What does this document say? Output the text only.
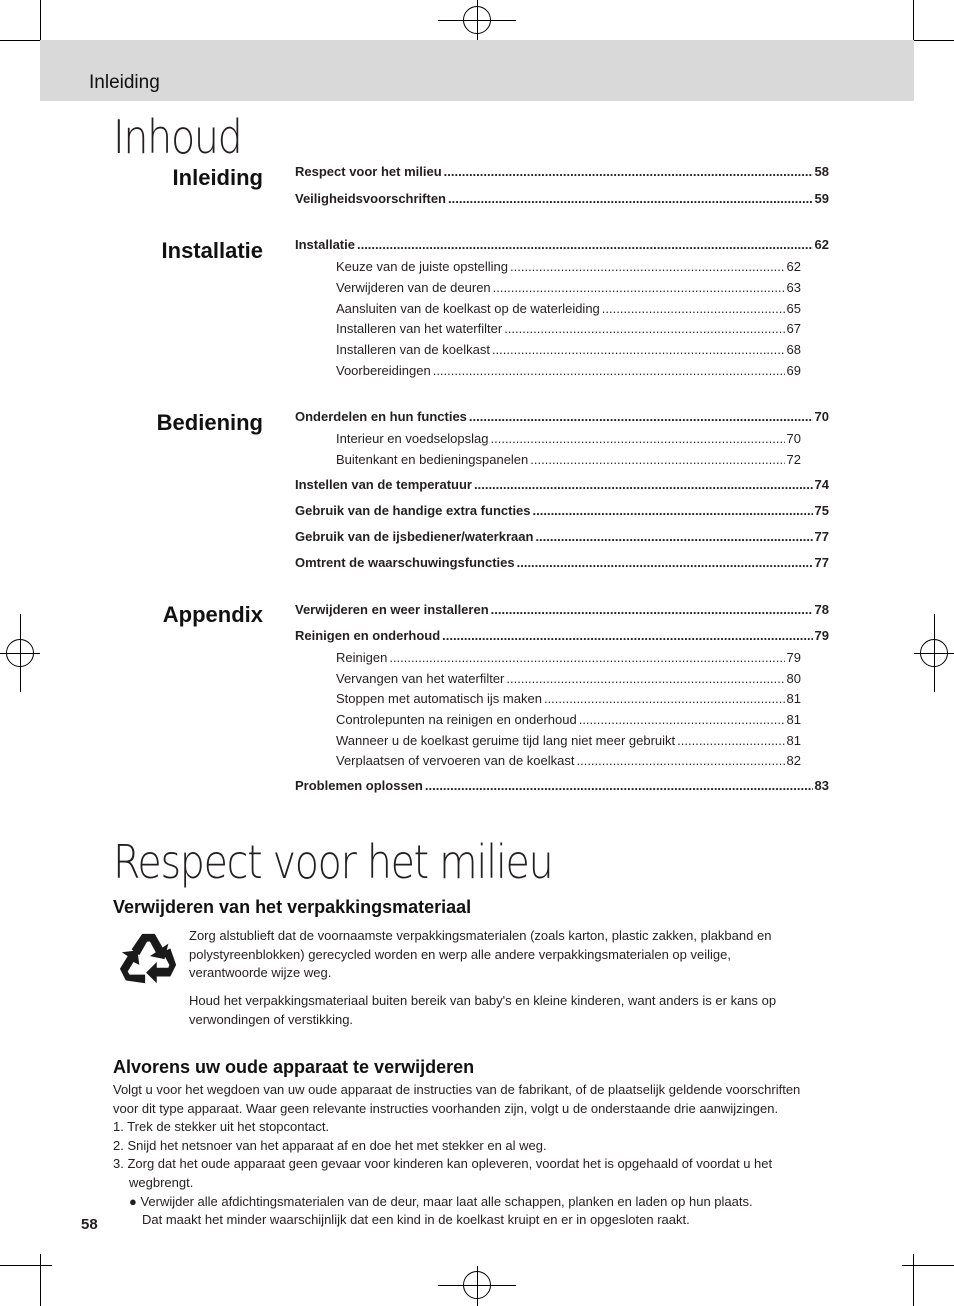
Inleiding
Inhoud
Inleiding
Installatie
Bediening
Appendix
Respect voor het milieu .....	58
Veiligheidsvoorschriften .....	59
Installatie .....	62
Keuze van de juiste opstelling .....	62
Verwijderen van de deuren .....	63
Aansluiten van de koelkast op de waterleiding .....	65
Installeren van het waterfilter .....	67
Installeren van de koelkast .....	68
Voorbereidingen .....	69
Onderdelen en hun functies .....	70
Interieur en voedselopslag .....	70
Buitenkant en bedieningspanelen .....	72
Instellen van de temperatuur .....	74
Gebruik van de handige extra functies .....	75
Gebruik van de ijsbediener/waterkraan .....	77
Omtrent de waarschuwingsfuncties .....	77
Verwijderen en weer installeren .....	78
Reinigen en onderhoud .....	79
Reinigen .....	79
Vervangen van het waterfilter .....	80
Stoppen met automatisch ijs maken .....	81
Controlepunten na reinigen en onderhoud .....	81
Wanneer u de koelkast geruime tijd lang niet meer gebruikt .....	81
Verplaatsen of vervoeren van de koelkast .....	82
Problemen oplossen .....	83
Respect voor het milieu
Verwijderen van het verpakkingsmateriaal
Zorg alstublieft dat de voornaamste verpakkingsmaterialen (zoals karton, plastic zakken, plakband en
polystyreenblokken) gerecycled worden en werp alle andere verpakkingsmaterialen op veilige,
verantwoorde wijze weg.
Houd het verpakkingsmateriaal buiten bereik van baby's en kleine kinderen, want anders is er kans op
verwondingen of verstikking.
Alvorens uw oude apparaat te verwijderen
Volgt u voor het wegdoen van uw oude apparaat de instructies van de fabrikant, of de plaatselijk geldende voorschriften
voor dit type apparaat. Waar geen relevante instructies voorhanden zijn, volgt u de onderstaande drie aanwijzingen.
1. Trek de stekker uit het stopcontact.
2. Snijd het netsnoer van het apparaat af en doe het met stekker en al weg.
3. Zorg dat het oude apparaat geen gevaar voor kinderen kan opleveren, voordat het is opgehaald of voordat u het
wegbrengt.
● Verwijder alle afdichtingsmaterialen van de deur, maar laat alle schappen, planken en laden op hun plaats.
Dat maakt het minder waarschijnlijk dat een kind in de koelkast kruipt en er in opgesloten raakt.
58
